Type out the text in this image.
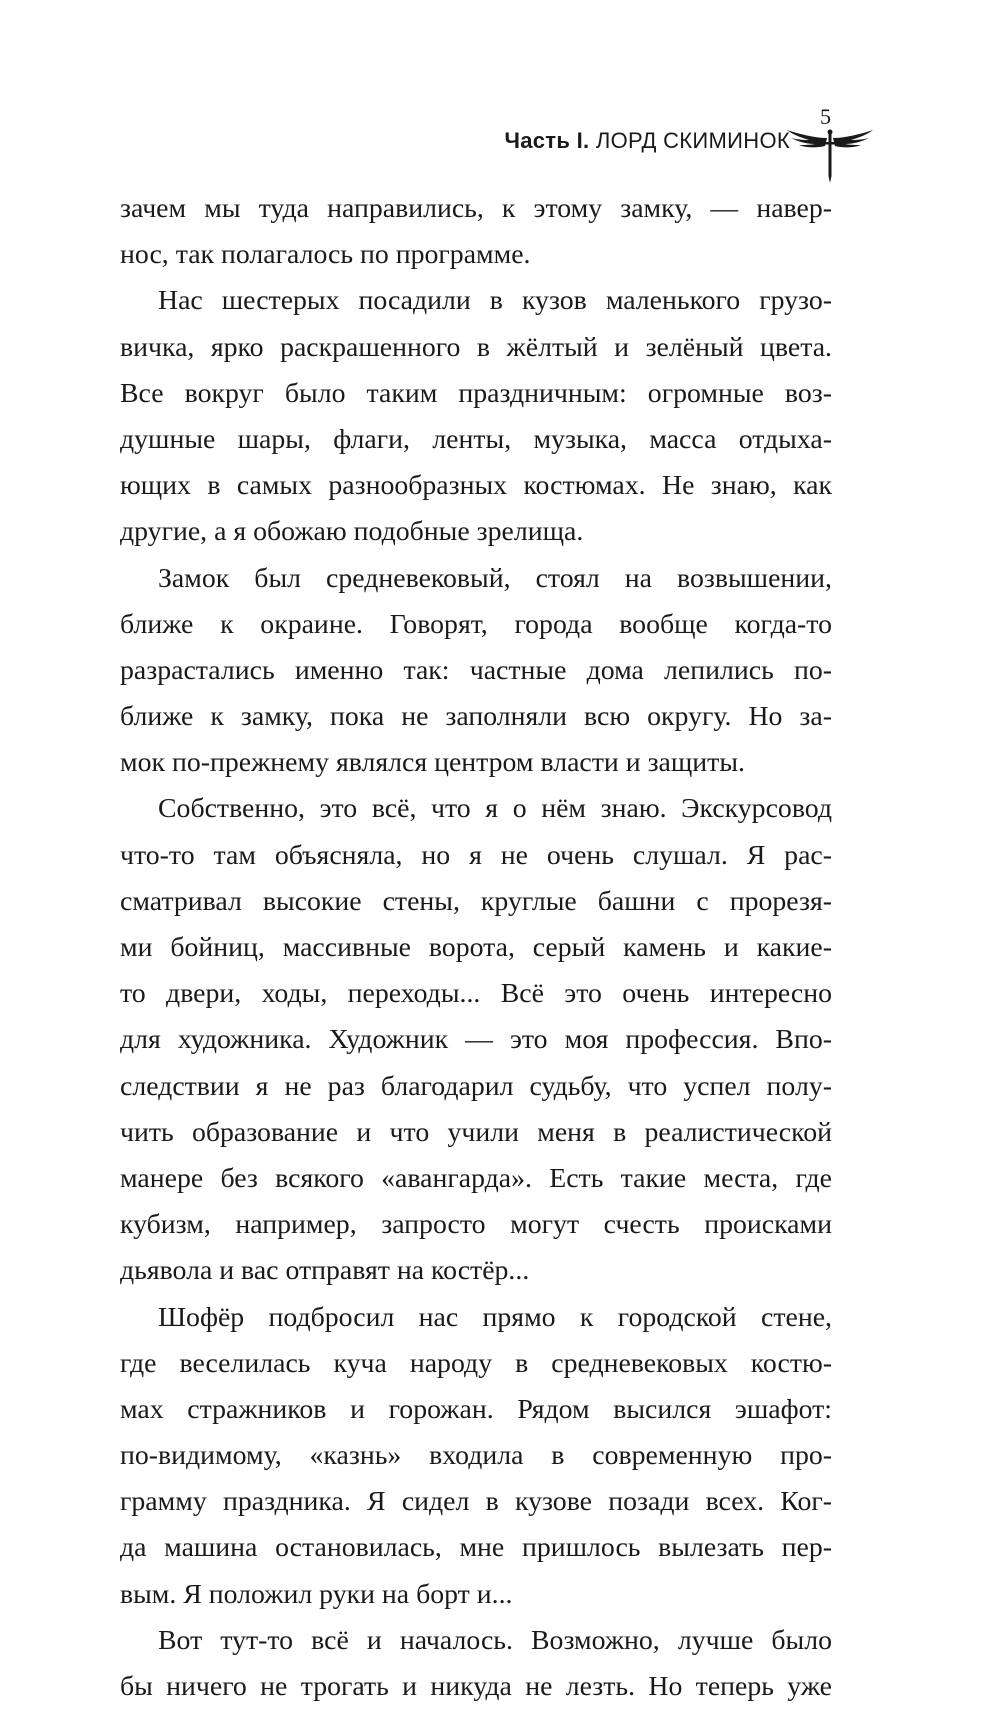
Часть I. ЛОРД СКИМИНОК
5
зачем мы туда направились, к этому замку, — навер-
нос, так полагалось по программе.
Нас шестерых посадили в кузов маленького грузо-
вичка, ярко раскрашенного в жёлтый и зелёный цвета.
Все вокруг было таким праздничным: огромные воз-
душные шары, флаги, ленты, музыка, масса отдыха-
ющих в самых разнообразных костюмах. Не знаю, как
другие, а я обожаю подобные зрелища.
Замок был средневековый, стоял на возвышении,
ближе к окраине. Говорят, города вообще когда-то
разрастались именно так: частные дома лепились по-
ближе к замку, пока не заполняли всю округу. Но за-
мок по-прежнему являлся центром власти и защиты.
Собственно, это всё, что я о нём знаю. Экскурсовод
что-то там объясняла, но я не очень слушал. Я рас-
сматривал высокие стены, круглые башни с прорезя-
ми бойниц, массивные ворота, серый камень и какие-
то двери, ходы, переходы... Всё это очень интересно
для художника. Художник — это моя профессия. Впо-
следствии я не раз благодарил судьбу, что успел полу-
чить образование и что учили меня в реалистической
манере без всякого «авангарда». Есть такие места, где
кубизм, например, запросто могут счесть происками
дьявола и вас отправят на костёр...
Шофёр подбросил нас прямо к городской стене,
где веселилась куча народу в средневековых костю-
мах стражников и горожан. Рядом высился эшафот:
по-видимому, «казнь» входила в современную про-
грамму праздника. Я сидел в кузове позади всех. Ког-
да машина остановилась, мне пришлось вылезать пер-
вым. Я положил руки на борт и...
Вот тут-то всё и началось. Возможно, лучше было
бы ничего не трогать и никуда не лезть. Но теперь уже
